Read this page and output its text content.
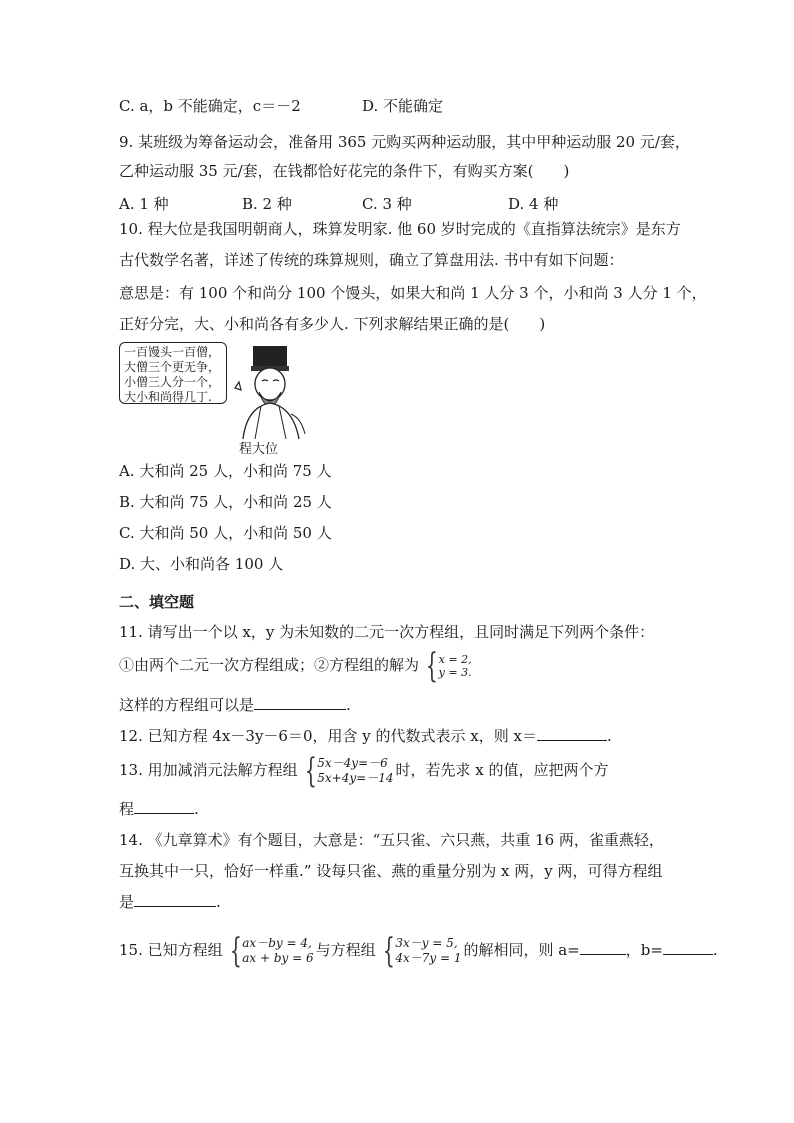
C. a，b 不能确定，c＝－2	D. 不能确定
9. 某班级为筹备运动会，准备用 365 元购买两种运动服，其中甲种运动服 20 元/套，
乙种运动服 35 元/套，在钱都恰好花完的条件下，有购买方案(　　)
A. 1 种	B. 2 种	C. 3 种	D. 4 种
10. 程大位是我国明朝商人，珠算发明家. 他 60 岁时完成的《直指算法统宗》是东方
古代数学名著，详述了传统的珠算规则，确立了算盘用法. 书中有如下问题：
意思是：有 100 个和尚分 100 个馒头，如果大和尚 1 人分 3 个，小和尚 3 人分 1 个，
正好分完，大、小和尚各有多少人. 下列求解结果正确的是(　　)
一百馒头一百僧，
大僧三个更无争，
小僧三人分一个，
大小和尚得几丁.
程大位
A. 大和尚 25 人，小和尚 75 人
B. 大和尚 75 人，小和尚 25 人
C. 大和尚 50 人，小和尚 50 人
D. 大、小和尚各 100 人
二、填空题
11. 请写出一个以 x，y 为未知数的二元一次方程组，且同时满足下列两个条件：
①由两个二元一次方程组成；②方程组的解为 { x = 2,
y = 3.
这样的方程组可以是	.
12. 已知方程 4x－3y－6＝0，用含 y 的代数式表示 x，则 x＝	.
13. 用加减消元法解方程组 { 5x－4y=－6
5x+4y=－14 时，若先求 x 的值，应把两个方
程	.
14. 《九章算术》有个题目，大意是：“五只雀、六只燕，共重 16 两，雀重燕轻，
互换其中一只，恰好一样重.” 设每只雀、燕的重量分别为 x 两，y 两，可得方程组
是	.
15. 已知方程组 { ax－by = 4,
ax + by = 6 与方程组 { 3x－y = 5,
4x－7y = 1 的解相同，则 a=	，b=	.
